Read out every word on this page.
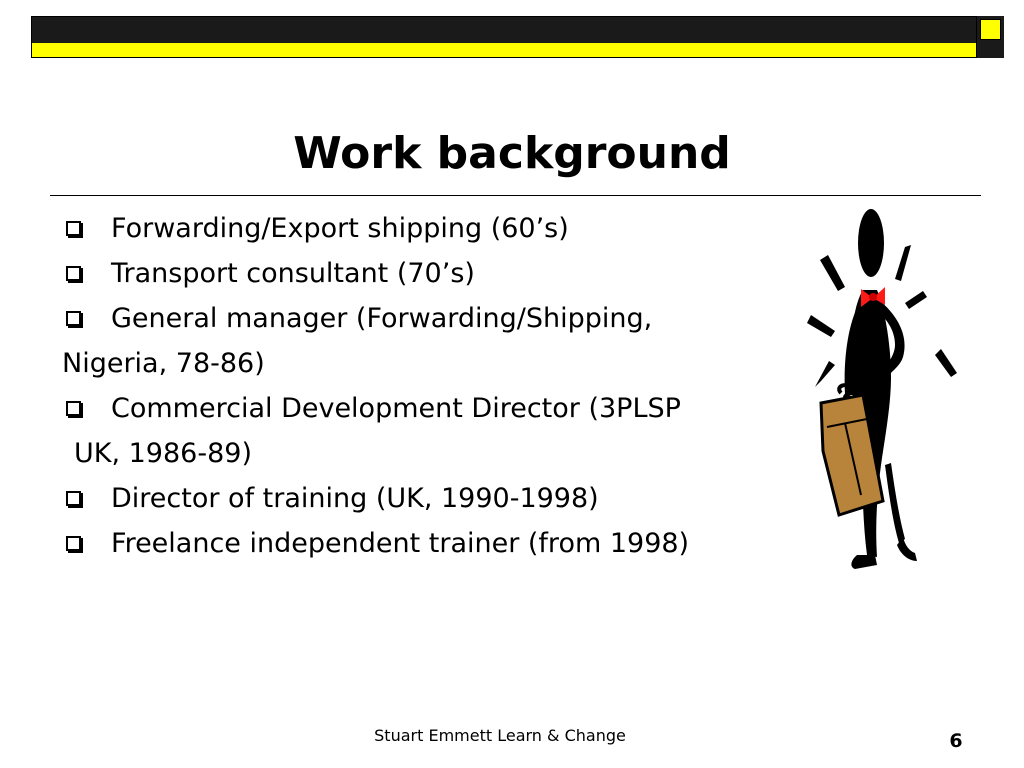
Work background
Forwarding/Export shipping (60’s)
Transport consultant (70’s)
General manager (Forwarding/Shipping,
Nigeria, 78-86)
Commercial Development Director (3PLSP
UK, 1986-89)
Director of training (UK, 1990-1998)
Freelance independent trainer (from 1998)
Stuart Emmett Learn & Change	6
